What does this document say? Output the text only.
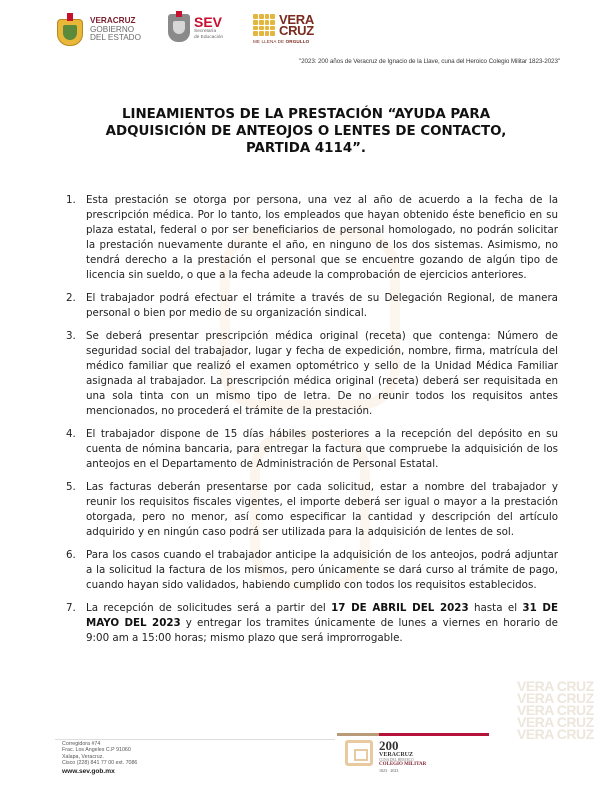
VERACRUZ
GOBIERNO
DEL ESTADO
SEV
Secretaría
de Educación
VERA
CRUZ
ME LLENA DE ORGULLO
"2023: 200 años de Veracruz de Ignacio de la Llave, cuna del Heroico Colegio Militar 1823-2023"
VERA CRUZ
VERA CRUZ
VERA CRUZ
VERA CRUZ
VERA CRUZ
LINEAMIENTOS DE LA PRESTACIÓN “AYUDA PARA ADQUISICIÓN DE ANTEOJOS O LENTES DE CONTACTO, PARTIDA 4114”.
1. Esta prestación se otorga por persona, una vez al año de acuerdo a la fecha de la prescripción médica. Por lo tanto, los empleados que hayan obtenido éste beneficio en su plaza estatal, federal o por ser beneficiarios de personal homologado, no podrán solicitar la prestación nuevamente durante el año, en ninguno de los dos sistemas. Asimismo, no tendrá derecho a la prestación el personal que se encuentre gozando de algún tipo de licencia sin sueldo, o que a la fecha adeude la comprobación de ejercicios anteriores.
2. El trabajador podrá efectuar el trámite a través de su Delegación Regional, de manera personal o bien por medio de su organización sindical.
3. Se deberá presentar prescripción médica original (receta) que contenga: Número de seguridad social del trabajador, lugar y fecha de expedición, nombre, firma, matrícula del médico familiar que realizó el examen optométrico y sello de la Unidad Médica Familiar asignada al trabajador. La prescripción médica original (receta) deberá ser requisitada en una sola tinta con un mismo tipo de letra. De no reunir todos los requisitos antes mencionados, no procederá el trámite de la prestación.
4. El trabajador dispone de 15 días hábiles posteriores a la recepción del depósito en su cuenta de nómina bancaria, para entregar la factura que compruebe la adquisición de los anteojos en el Departamento de Administración de Personal Estatal.
5. Las facturas deberán presentarse por cada solicitud, estar a nombre del trabajador y reunir los requisitos fiscales vigentes, el importe deberá ser igual o mayor a la prestación otorgada, pero no menor, así como especificar la cantidad y descripción del artículo adquirido y en ningún caso podrá ser utilizada para la adquisición de lentes de sol.
6. Para los casos cuando el trabajador anticipe la adquisición de los anteojos, podrá adjuntar a la solicitud la factura de los mismos, pero únicamente se dará curso al trámite de pago, cuando hayan sido validados, habiendo cumplido con todos los requisitos establecidos.
7. La recepción de solicitudes será a partir del 17 DE ABRIL DEL 2023 hasta el 31 DE MAYO DEL 2023 y entregar los tramites únicamente de lunes a viernes en horario de 9:00 am a 15:00 horas; mismo plazo que será improrrogable.
Corregidora #74
Frac. Los Angeles C.P 91060
Xalapa, Veracruz.
Cisco (228) 841 77 00 ext. 7086
www.sev.gob.mx
200
VERACRUZ
CUNA DEL HEROICO
COLEGIO MILITAR
1823 · 2023
